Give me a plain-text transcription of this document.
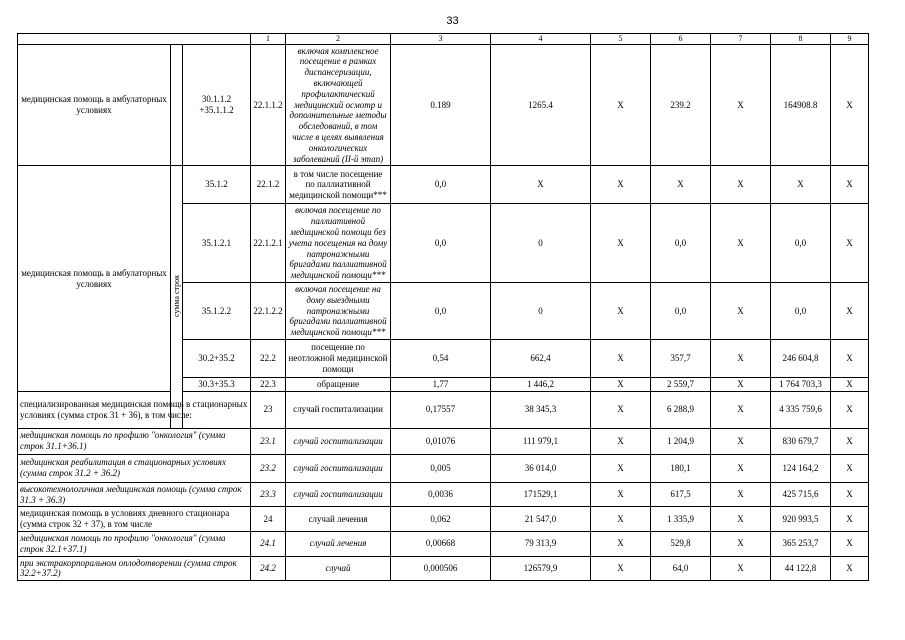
33
			1	2	3	4	5	6	7	8	9
медицинская помощь в амбулаторных условиях		30.1.1.2 +35.1.1.2	22.1.1.2	включая комплексное посещение в рамках диспансеризации, включающей профилактический медицинский осмотр и дополнительные методы обследований, в том числе в целях выявления онкологических заболеваний (II-й этап)	0.189	1265.4	X	239.2	X	164908.8	X
медицинская помощь в амбулаторных условиях	сумма строк	35.1.2	22.1.2	в том числе посещение по паллиативной медицинской помощи***	0,0	X	X	X	X	X	X
		35.1.2.1	22.1.2.1	включая посещение по паллиативной медицинской помощи без учета посещения на дому патронажными бригадами паллиативной медицинской помощи***	0,0	0	X	0,0	X	0,0	X
		35.1.2.2	22.1.2.2	включая посещение на дому выездными патронажными бригадами паллиативной медицинской помощи***	0,0	0	X	0,0	X	0,0	X
		30.2+35.2	22.2	посещение по неотложной медицинской помощи	0,54	662,4	X	357,7	X	246 604,8	X
		30.3+35.3	22.3	обращение	1,77	1 446,2	X	2 559,7	X	1 764 703,3	X
специализированная медицинская помощь в стационарных условиях (сумма строк 31 + 36), в том числе:			23	случай госпитализации	0,17557	38 345,3	X	6 288,9	X	4 335 759,6	X
медицинская помощь по профилю "онкология" (сумма строк 31.1+36.1)			23.1	случай госпитализации	0,01076	111 979,1	X	1 204,9	X	830 679,7	X
медицинская реабилитация в стационарных условиях (сумма строк 31.2 + 36.2)			23.2	случай госпитализации	0,005	36 014,0	X	180,1	X	124 164,2	X
высокотехнологичная медицинская помощь (сумма строк 31.3 + 36.3)			23.3	случай госпитализации	0,0036	171529,1	X	617,5	X	425 715,6	X
медицинская помощь в условиях дневного стационара (сумма строк 32 + 37), в том числе			24	случай лечения	0,062	21 547,0	X	1 335,9	X	920 993,5	X
медицинская помощь по профилю "онкология" (сумма строк 32.1+37.1)			24.1	случай лечения	0,00668	79 313,9	X	529,8	X	365 253,7	X
при экстракорпоральном оплодотворении (сумма строк 32.2+37.2)			24.2	случай	0,000506	126579,9	X	64,0	X	44 122,8	X
